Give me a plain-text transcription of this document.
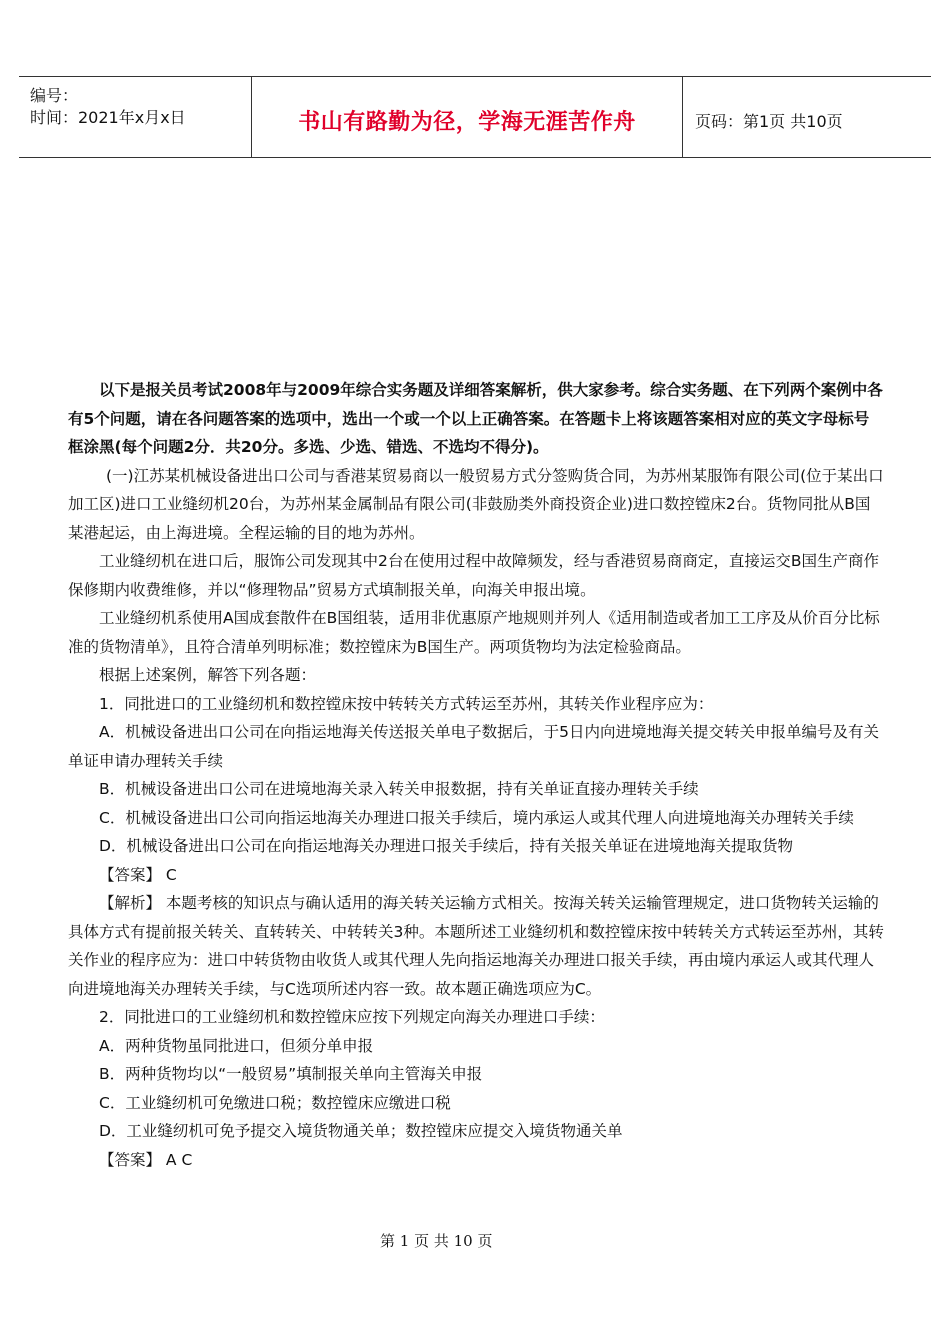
编号：
时间：2021年x月x日	书山有路勤为径，学海无涯苦作舟	页码：第1页 共10页

以下是报关员考试2008年与2009年综合实务题及详细答案解析，供大家参考。综合实务题、在下列两个案例中各有5个问题，请在各问题答案的选项中，选出一个或一个以上正确答案。在答题卡上将该题答案相对应的英文字母标号框涂黑(每个问题2分．共20分。多选、少选、错选、不选均不得分)。

(一)江苏某机械设备进出口公司与香港某贸易商以一般贸易方式分签购货合同，为苏州某服饰有限公司(位于某出口加工区)进口工业缝纫机20台，为苏州某金属制品有限公司(非鼓励类外商投资企业)进口数控镗床2台。货物同批从B国某港起运，由上海进境。全程运输的目的地为苏州。

工业缝纫机在进口后，服饰公司发现其中2台在使用过程中故障频发，经与香港贸易商商定，直接运交B国生产商作保修期内收费维修，并以“修理物品”贸易方式填制报关单，向海关申报出境。

工业缝纫机系使用A国成套散件在B国组装，适用非优惠原产地规则并列人《适用制造或者加工工序及从价百分比标准的货物清单》，且符合清单列明标准；数控镗床为B国生产。两项货物均为法定检验商品。

根据上述案例，解答下列各题：

1．同批进口的工业缝纫机和数控镗床按中转转关方式转运至苏州，其转关作业程序应为：

A．机械设备进出口公司在向指运地海关传送报关单电子数据后，于5日内向进境地海关提交转关申报单编号及有关单证申请办理转关手续

B．机械设备进出口公司在进境地海关录入转关申报数据，持有关单证直接办理转关手续

C．机械设备进出口公司向指运地海关办理进口报关手续后，境内承运人或其代理人向进境地海关办理转关手续

D．机械设备进出口公司在向指运地海关办理进口报关手续后，持有关报关单证在进境地海关提取货物

【答案】 C

【解析】 本题考核的知识点与确认适用的海关转关运输方式相关。按海关转关运输管理规定，进口货物转关运输的具体方式有提前报关转关、直转转关、中转转关3种。本题所述工业缝纫机和数控镗床按中转转关方式转运至苏州，其转关作业的程序应为：进口中转货物由收货人或其代理人先向指运地海关办理进口报关手续，再由境内承运人或其代理人向进境地海关办理转关手续，与C选项所述内容一致。故本题正确选项应为C。

2．同批进口的工业缝纫机和数控镗床应按下列规定向海关办理进口手续：

A．两种货物虽同批进口，但须分单申报

B．两种货物均以“一般贸易”填制报关单向主管海关申报

C．工业缝纫机可免缴进口税；数控镗床应缴进口税

D．工业缝纫机可免予提交入境货物通关单；数控镗床应提交入境货物通关单

【答案】 A C

第 1 页 共 10 页
